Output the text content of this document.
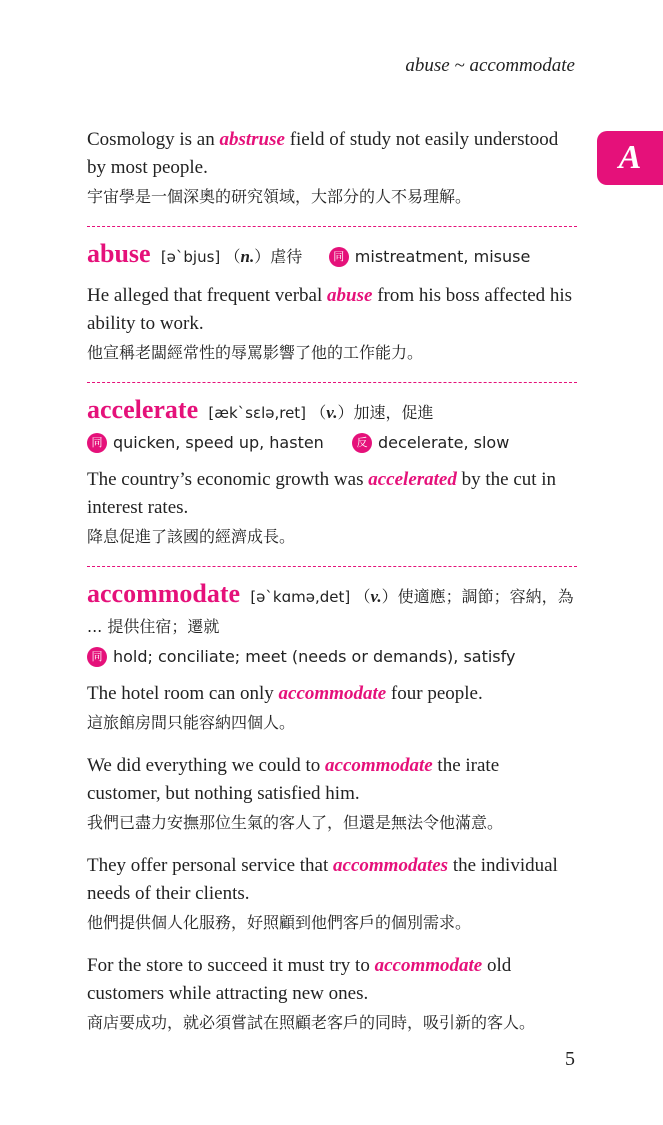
abuse ~ accommodate
A

Cosmology is an abstruse field of study not easily understood by most people.

宇宙學是一個深奧的研究領域，大部分的人不易理解。

abuse [ə`bjus] （n.）虐待	同 mistreatment, misuse

He alleged that frequent verbal abuse from his boss affected his ability to work.

他宣稱老闆經常性的辱罵影響了他的工作能力。

accelerate [æk`sɛlə,ret] （v.）加速，促進

同 quicken, speed up, hasten	反 decelerate, slow

The country’s economic growth was accelerated by the cut in interest rates.

降息促進了該國的經濟成長。

accommodate [ə`kɑmə,det] （v.）使適應；調節；容納，為 ... 提供住宿；遷就

同 hold; conciliate; meet (needs or demands), satisfy

The hotel room can only accommodate four people.

這旅館房間只能容納四個人。

We did everything we could to accommodate the irate customer, but nothing satisfied him.

我們已盡力安撫那位生氣的客人了，但還是無法令他滿意。

They offer personal service that accommodates the individual needs of their clients.

他們提供個人化服務，好照顧到他們客戶的個別需求。

For the store to succeed it must try to accommodate old customers while attracting new ones.

商店要成功，就必須嘗試在照顧老客戶的同時，吸引新的客人。

5
